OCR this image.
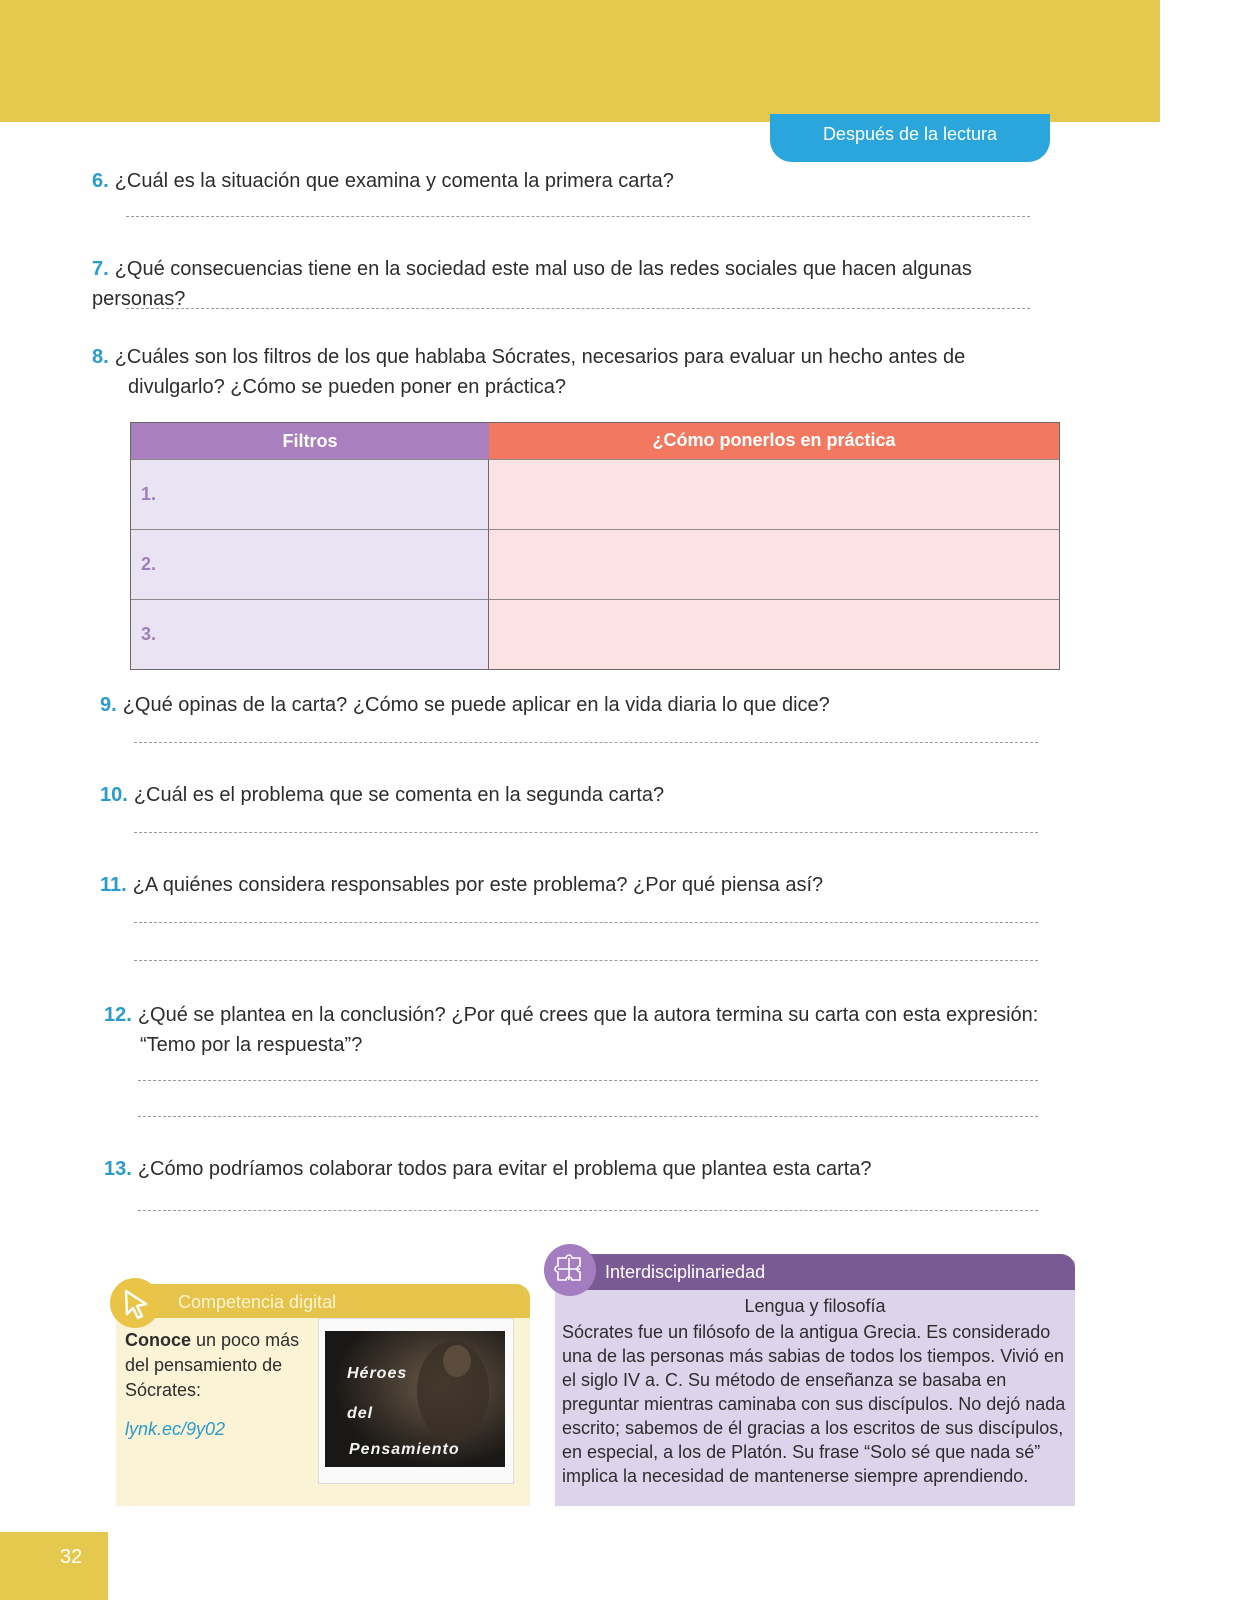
Después de la lectura
6. ¿Cuál es la situación que examina y comenta la primera carta?
7. ¿Qué consecuencias tiene en la sociedad este mal uso de las redes sociales que hacen algunas personas?
8. ¿Cuáles son los filtros de los que hablaba Sócrates, necesarios para evaluar un hecho antes de divulgarlo? ¿Cómo se pueden poner en práctica?
Filtros	¿Cómo ponerlos en práctica
1.
2.
3.
9. ¿Qué opinas de la carta? ¿Cómo se puede aplicar en la vida diaria lo que dice?
10. ¿Cuál es el problema que se comenta en la segunda carta?
11. ¿A quiénes considera responsables por este problema? ¿Por qué piensa así?
12. ¿Qué se plantea en la conclusión? ¿Por qué crees que la autora termina su carta con esta expresión: “Temo por la respuesta”?
13. ¿Cómo podríamos colaborar todos para evitar el problema que plantea esta carta?
Competencia digital
Conoce un poco más del pensamiento de Sócrates:
lynk.ec/9y02
Héroes
del
Pensamiento
Interdisciplinariedad
Lengua y filosofía
Sócrates fue un filósofo de la antigua Grecia. Es considerado una de las personas más sabias de todos los tiempos. Vivió en el siglo IV a. C. Su método de enseñanza se basaba en preguntar mientras caminaba con sus discípulos. No dejó nada escrito; sabemos de él gracias a los escritos de sus discípulos, en especial, a los de Platón. Su frase “Solo sé que nada sé” implica la necesidad de mantenerse siempre aprendiendo.
32
